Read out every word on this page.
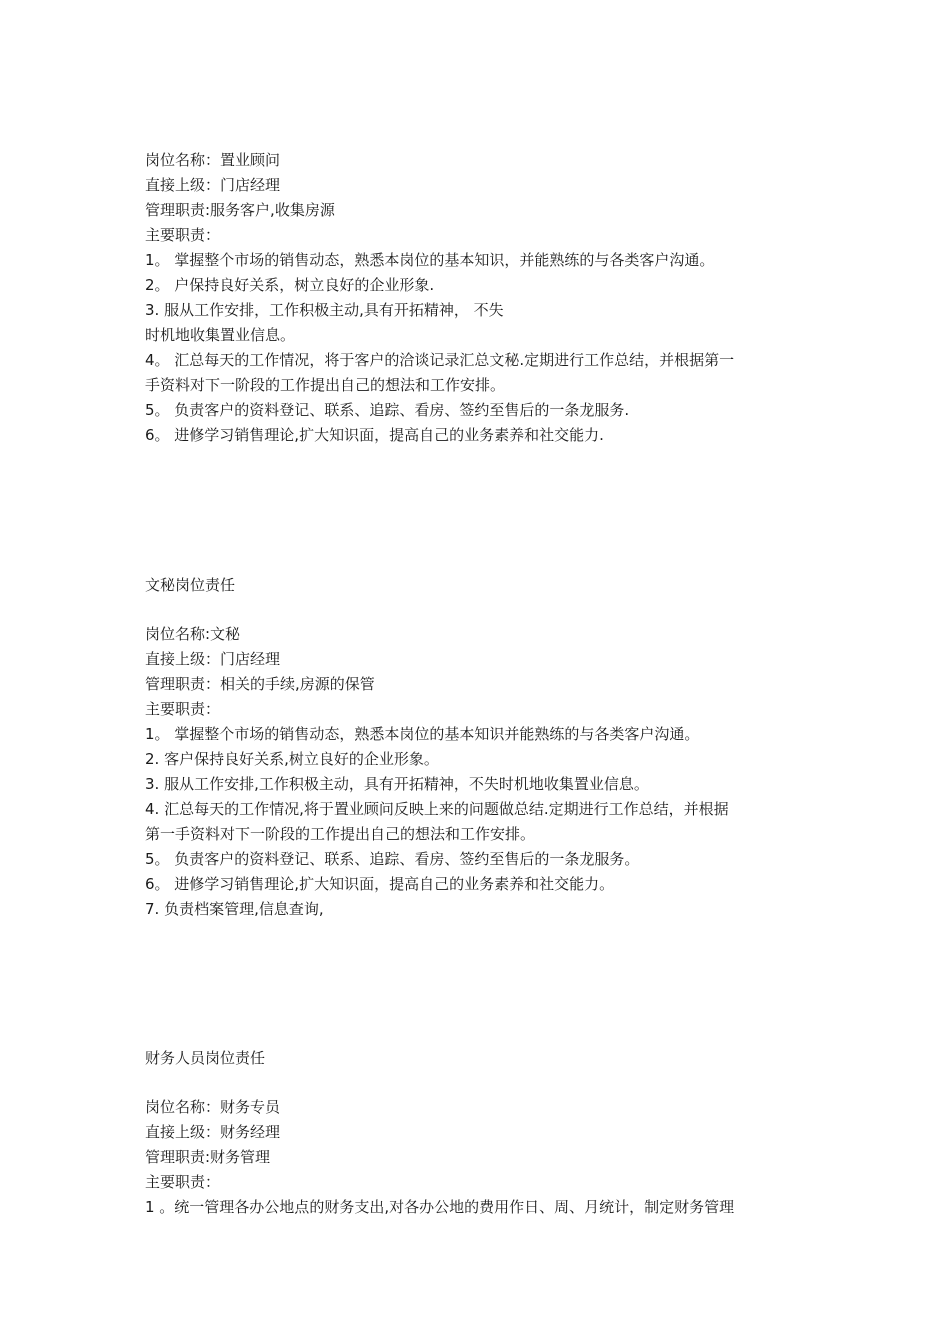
岗位名称：置业顾问
直接上级：门店经理
管理职责:服务客户,收集房源
主要职责：
1。 掌握整个市场的销售动态，熟悉本岗位的基本知识，并能熟练的与各类客户沟通。
2。 户保持良好关系，树立良好的企业形象.
3. 服从工作安排，工作积极主动,具有开拓精神， 不失
时机地收集置业信息。
4。 汇总每天的工作情况，将于客户的洽谈记录汇总文秘.定期进行工作总结，并根据第一
手资料对下一阶段的工作提出自己的想法和工作安排。
5。 负责客户的资料登记、联系、追踪、看房、签约至售后的一条龙服务.
6。 进修学习销售理论,扩大知识面，提高自己的业务素养和社交能力.
文秘岗位责任
岗位名称:文秘
直接上级：门店经理
管理职责：相关的手续,房源的保管
主要职责：
1。 掌握整个市场的销售动态，熟悉本岗位的基本知识并能熟练的与各类客户沟通。
2. 客户保持良好关系,树立良好的企业形象。
3. 服从工作安排,工作积极主动，具有开拓精神，不失时机地收集置业信息。
4. 汇总每天的工作情况,将于置业顾问反映上来的问题做总结.定期进行工作总结，并根据
第一手资料对下一阶段的工作提出自己的想法和工作安排。
5。 负责客户的资料登记、联系、追踪、看房、签约至售后的一条龙服务。
6。 进修学习销售理论,扩大知识面，提高自己的业务素养和社交能力。
7. 负责档案管理,信息查询,
财务人员岗位责任
岗位名称：财务专员
直接上级：财务经理
管理职责:财务管理
主要职责：
1 。统一管理各办公地点的财务支出,对各办公地的费用作日、周、月统计，制定财务管理
